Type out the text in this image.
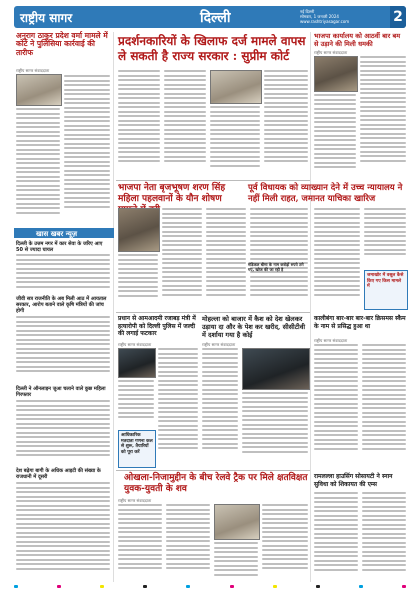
राष्ट्रीय सागर	दिल्ली	नई दिल्ली
सोमवार, 1 जनवरी 2024
www.rashtriyasagar.com	2
अनुराग ठाकुर प्रदेश वर्मा मामले में कोर्ट ने पुलिसिया कार्रवाई की तारीफ
राष्ट्रीय सागर संवाददाता
खास खबर न्यूज़
दिल्ली के उत्तम नगर में कार सेवा के जरिए आए 50 से ज्यादा घायल
जीवी सत्र राजनीति के अब मिली आठ में आयताल सरकार, आरोप बताने वाले कृषि मंत्रियों की जांच होगी
दिल्ली ने ऑनलाइन जुआ चलाने वाले कुछ महिला गिरफ्तार
देश बढ़ेगा बागी के अधिक आइटी की संख्या के राजधानी में दूसरी
प्रदर्शनकारियों के खिलाफ दर्ज मामले वापस ले सकती है राज्य सरकार : सुप्रीम कोर्ट
भाजपा नेता बृजभूषण शरण सिंह महिला पहलवानों के यौन शोषण
पूर्व विधायक को व्याख्यान देने में उच्च न्यायालय ने नहीं मिली राहत, जमानत याचिका खारिज
प्रधान से आमआदमी रजाबड़ मंत्री में हत्यारोपी को दिल्ली पुलिस में जल्दी की लगाई फटकार
राष्ट्रीय सागर संवाददाता
आधिकारिक मतदाता गणना कल से शुरू, तैयारियों को पूरा करें
मोहल्ला को बाजार में कैश को देश खेलकर उड़ाया दा और के पेश कर खरीद, सीसीटीवी में दर्शाया गया है कोई
राष्ट्रीय सागर संवाददाता
ओखला-निजामुद्दीन के बीच रेलवे ट्रैक पर मिले क्षतविक्षत युवक-युवती के शव
राष्ट्रीय सागर संवाददाता
भाजपा कार्यालय को आठवीं बार बम से उड़ाने की मिली धमकी
राष्ट्रीय सागर संवाददाता
जमाखोर में वसूल कैसे किए गए किस मामले में
कालीबंगा बार-बार बार-बार क्रिसमस स्कैम के नाम से प्रसिद्ध हुआ था
राष्ट्रीय सागर संवाददाता
रामलल्ला हाउसिंग सोसायटी ने स्नान सुविधा को शिकायत की एम्स
मेडिकल बीमा के नाम करोड़ों रुपये ठगे गए, खोज की जा रही है
